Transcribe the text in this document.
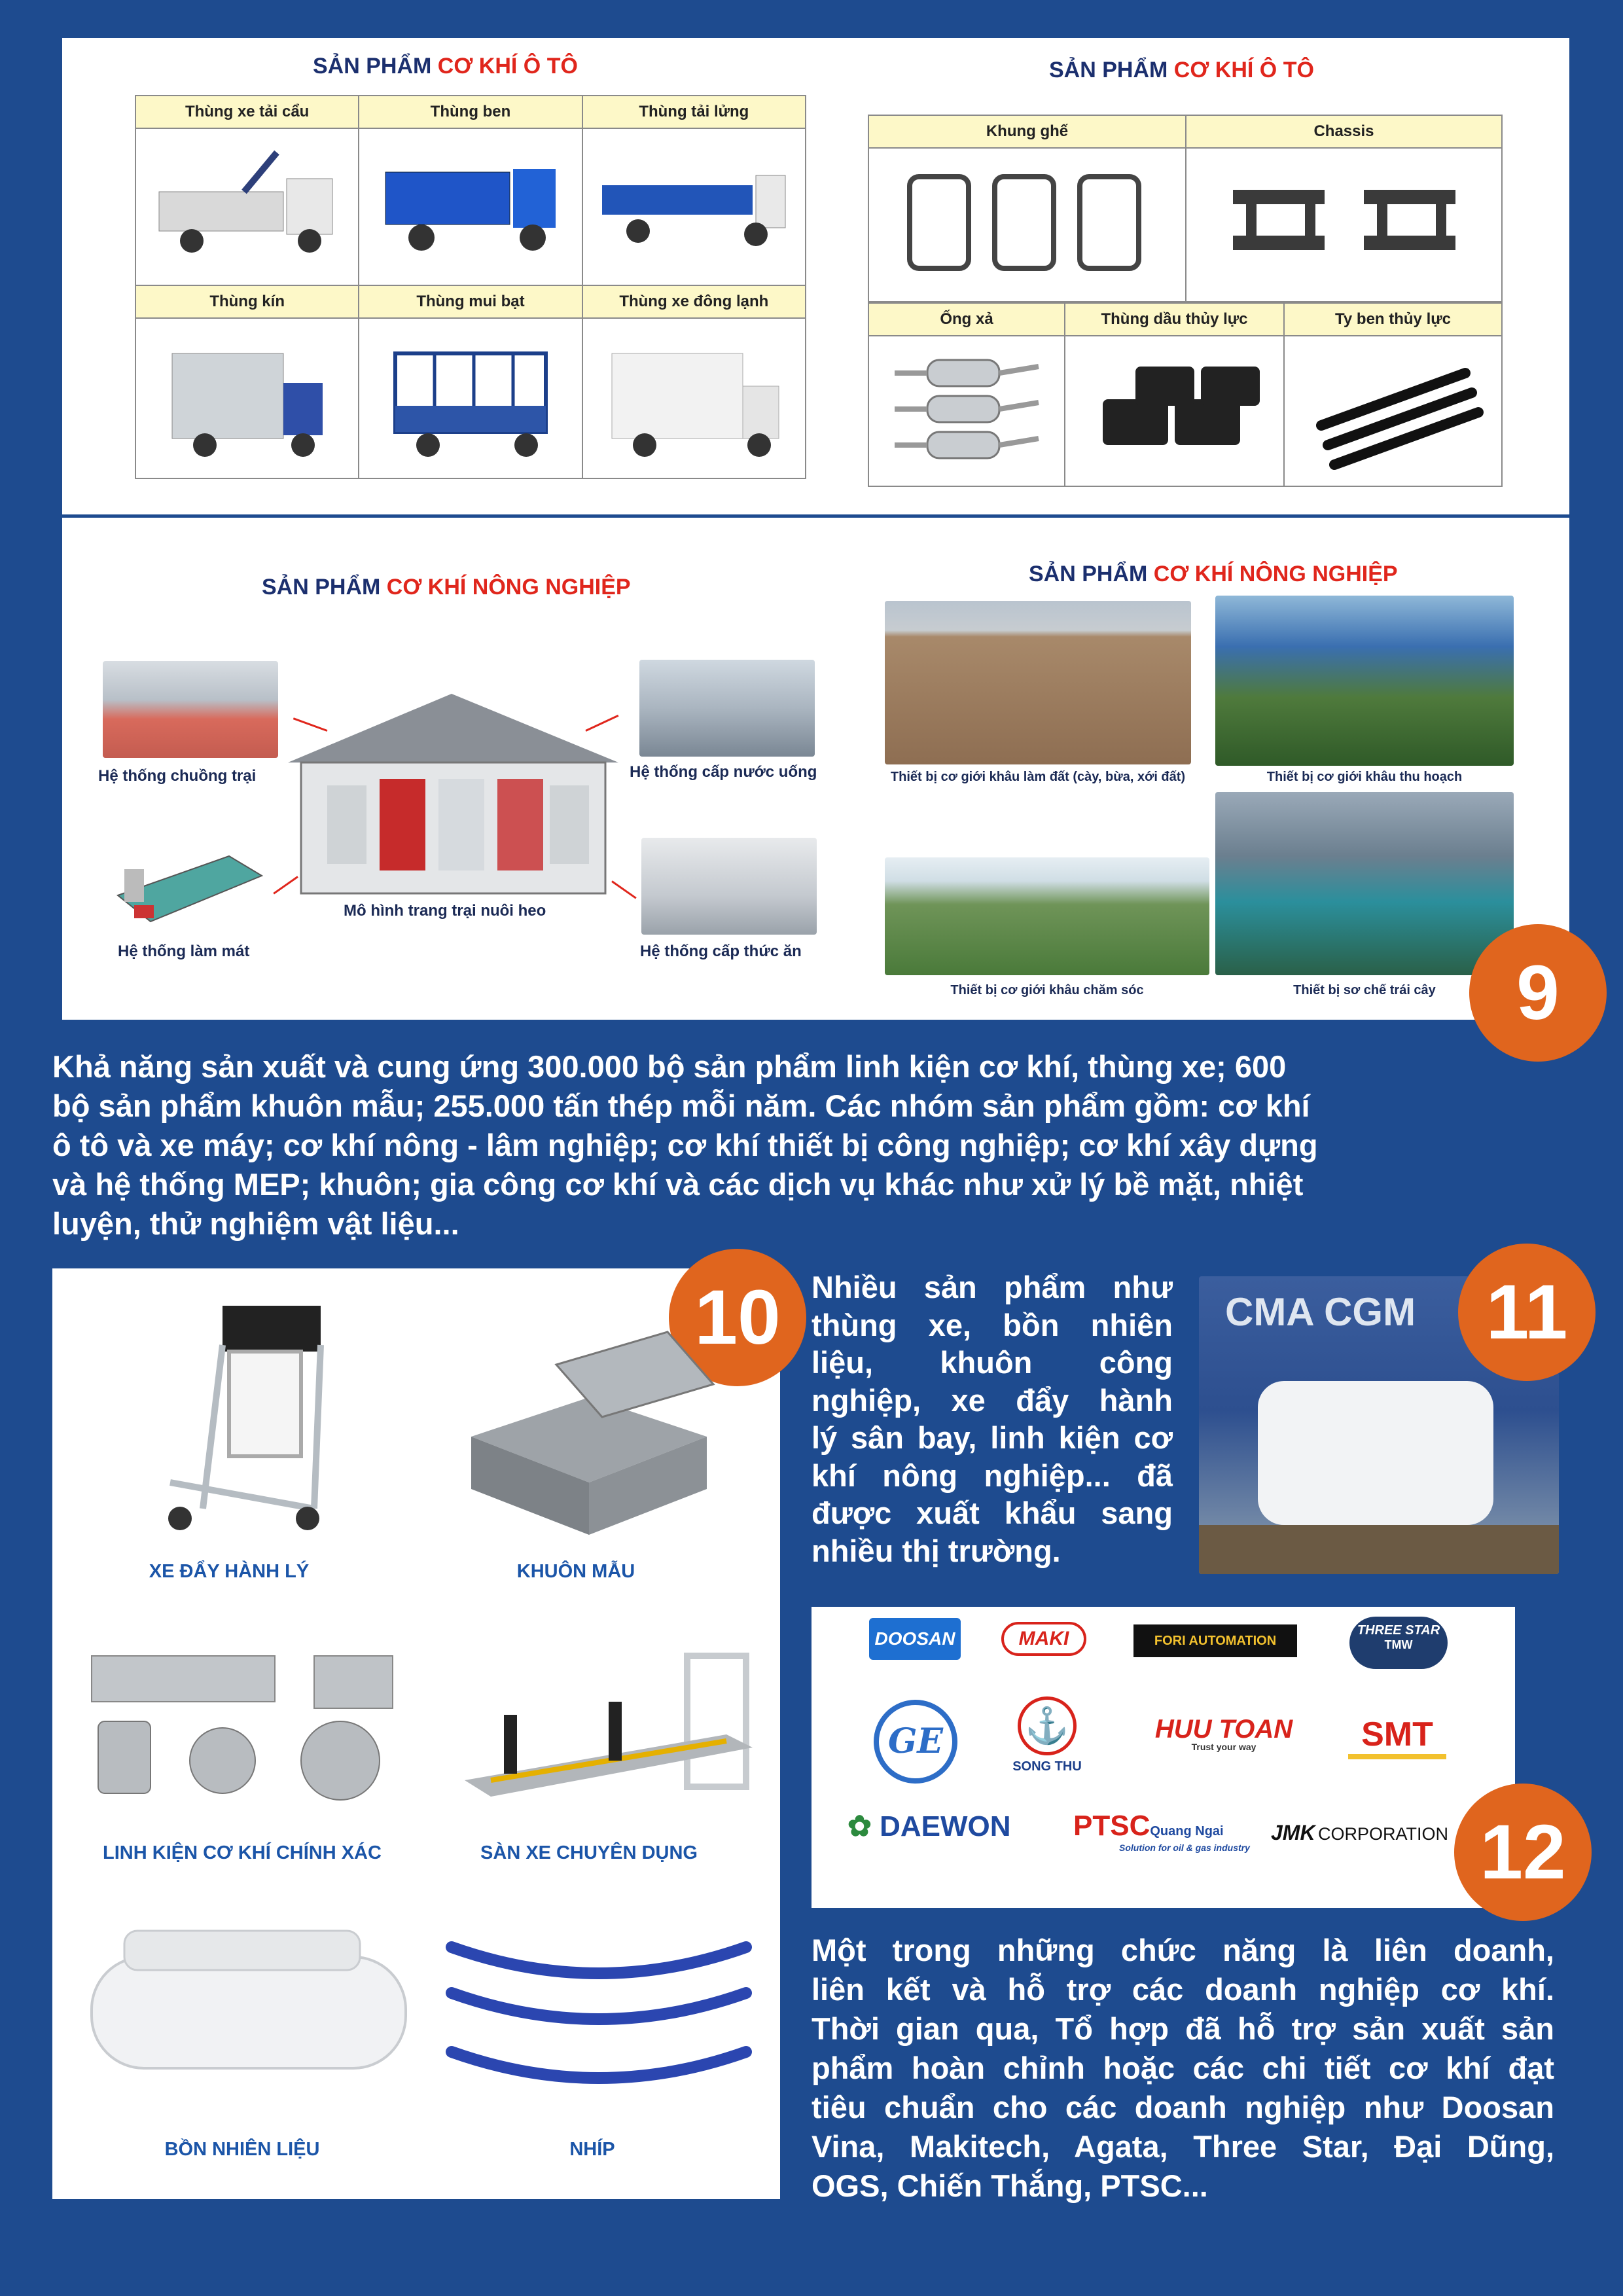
SẢN PHẨM CƠ KHÍ Ô TÔ
Thùng xe tải cẩu	Thùng ben	Thùng tải lửng

Thùng kín	Thùng mui bạt	Thùng xe đông lạnh

SẢN PHẨM CƠ KHÍ Ô TÔ
Khung ghế	Chassis

Ống xả	Thùng dầu thủy lực	Ty ben thủy lực

SẢN PHẨM CƠ KHÍ NÔNG NGHIỆP
Hệ thống chuồng trại	Hệ thống cấp nước uống
Mô hình trang trại nuôi heo
Hệ thống làm mát	Hệ thống cấp thức ăn
SẢN PHẨM CƠ KHÍ NÔNG NGHIỆP
Thiết bị cơ giới khâu làm đất (cày, bừa, xới đất)	Thiết bị cơ giới khâu thu hoạch
Thiết bị cơ giới khâu chăm sóc	Thiết bị sơ chế trái cây	9
Khả năng sản xuất và cung ứng 300.000 bộ sản phẩm linh kiện cơ khí, thùng xe; 600
bộ sản phẩm khuôn mẫu; 255.000 tấn thép mỗi năm. Các nhóm sản phẩm gồm: cơ khí
ô tô và xe máy; cơ khí nông - lâm nghiệp; cơ khí thiết bị công nghiệp; cơ khí xây dựng
và hệ thống MEP; khuôn; gia công cơ khí và các dịch vụ khác như xử lý bề mặt, nhiệt
luyện, thử nghiệm vật liệu...
10
XE ĐẨY HÀNH LÝ	KHUÔN MẪU
LINH KIỆN CƠ KHÍ CHÍNH XÁC	SÀN XE CHUYÊN DỤNG
BỒN NHIÊN LIỆU	NHÍP
Nhiều sản phẩm như
thùng xe, bồn nhiên
liệu, khuôn công
nghiệp, xe đẩy hành
lý sân bay, linh kiện cơ
khí nông nghiệp... đã
được xuất khẩu sang
nhiều thị trường.
CMA CGM 11
DOOSAN	MAKI	FORI AUTOMATION
THREE STAR
TMW
GE	⚓
SONG THU
HUU TOAN
Trust your way	SMT
✿ DAEWON	PTSCQuang Ngai
Solution for oil & gas industry
JMK CORPORATION 12
Một trong những chức năng là liên doanh,
liên kết và hỗ trợ các doanh nghiệp cơ khí.
Thời gian qua, Tổ hợp đã hỗ trợ sản xuất sản
phẩm hoàn chỉnh hoặc các chi tiết cơ khí đạt
tiêu chuẩn cho các doanh nghiệp như Doosan
Vina, Makitech, Agata, Three Star, Đại Dũng,
OGS, Chiến Thắng, PTSC...
